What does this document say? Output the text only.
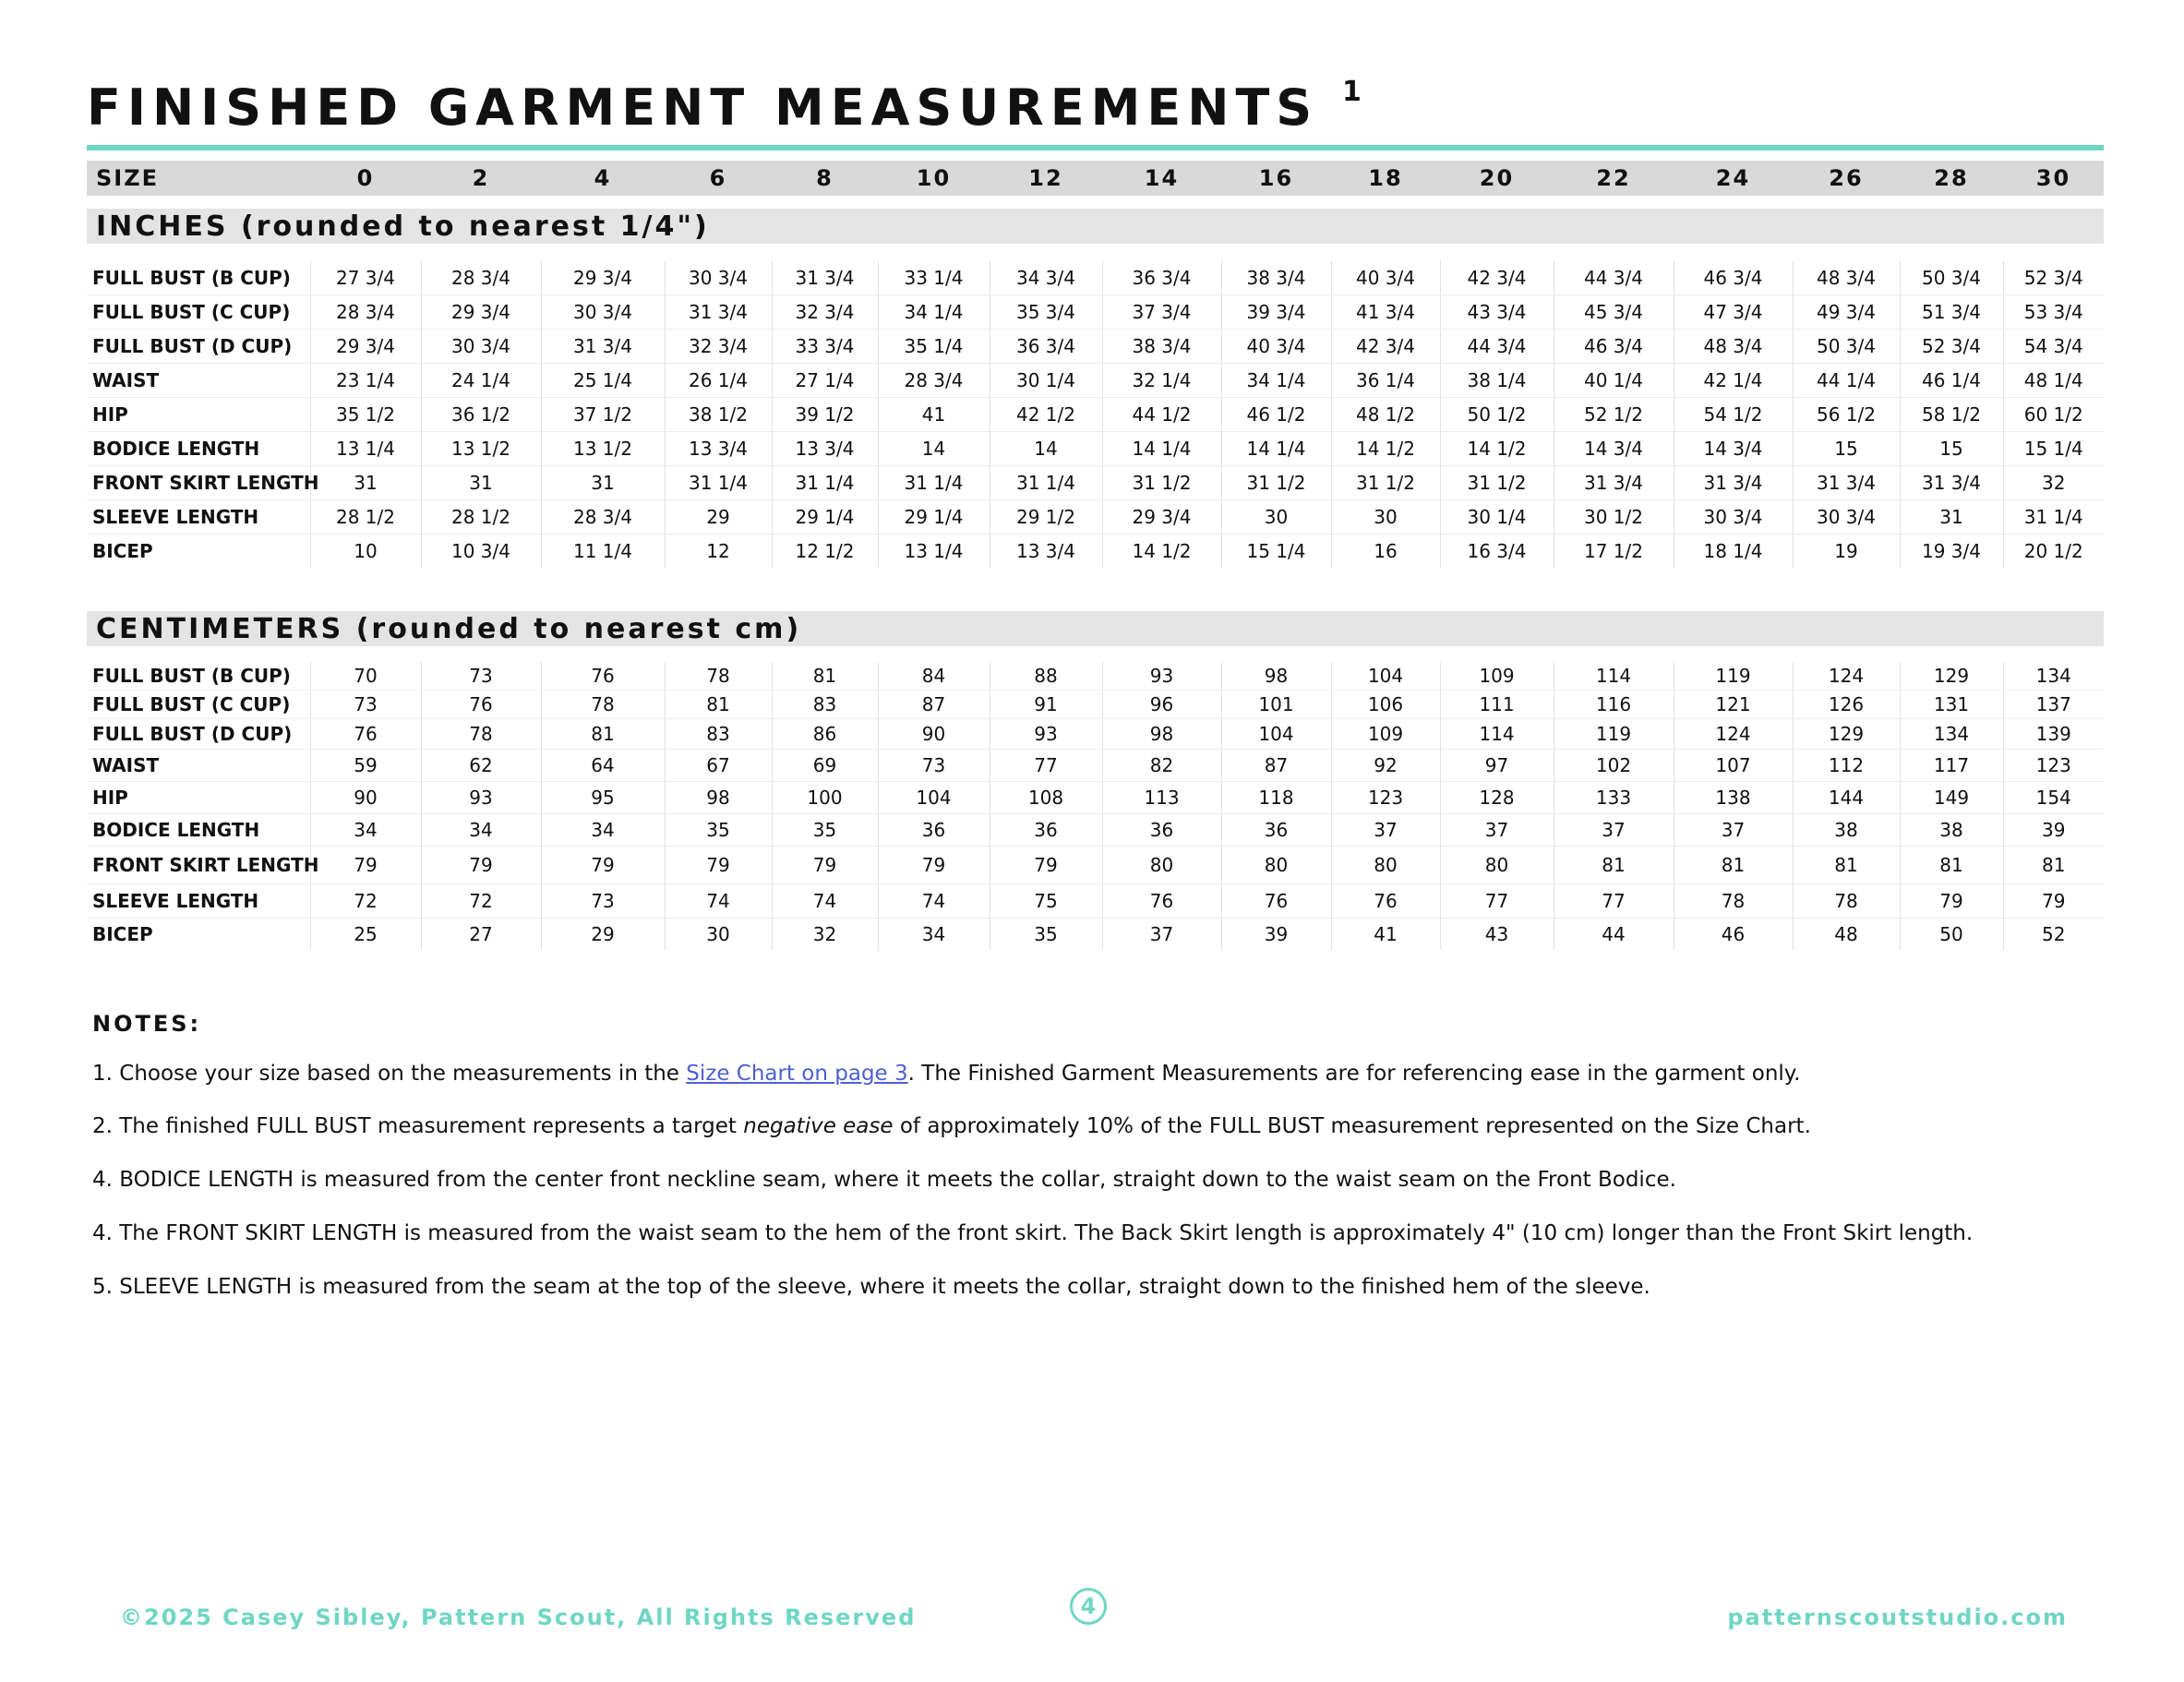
FINISHED GARMENT MEASUREMENTS $^1$
SIZE	0	2	4	6	8	10	12	14	16	18	20	22	24	26	28	30
INCHES (rounded to nearest 1/4")
FULL BUST (B CUP)	27 3/4	28 3/4	29 3/4	30 3/4	31 3/4	33 1/4	34 3/4	36 3/4	38 3/4	40 3/4	42 3/4	44 3/4	46 3/4	48 3/4	50 3/4	52 3/4
FULL BUST (C CUP)	28 3/4	29 3/4	30 3/4	31 3/4	32 3/4	34 1/4	35 3/4	37 3/4	39 3/4	41 3/4	43 3/4	45 3/4	47 3/4	49 3/4	51 3/4	53 3/4
FULL BUST (D CUP)	29 3/4	30 3/4	31 3/4	32 3/4	33 3/4	35 1/4	36 3/4	38 3/4	40 3/4	42 3/4	44 3/4	46 3/4	48 3/4	50 3/4	52 3/4	54 3/4
WAIST	23 1/4	24 1/4	25 1/4	26 1/4	27 1/4	28 3/4	30 1/4	32 1/4	34 1/4	36 1/4	38 1/4	40 1/4	42 1/4	44 1/4	46 1/4	48 1/4
HIP	35 1/2	36 1/2	37 1/2	38 1/2	39 1/2	41	42 1/2	44 1/2	46 1/2	48 1/2	50 1/2	52 1/2	54 1/2	56 1/2	58 1/2	60 1/2
BODICE LENGTH	13 1/4	13 1/2	13 1/2	13 3/4	13 3/4	14	14	14 1/4	14 1/4	14 1/2	14 1/2	14 3/4	14 3/4	15	15	15 1/4
FRONT SKIRT LENGTH	31	31	31	31 1/4	31 1/4	31 1/4	31 1/4	31 1/2	31 1/2	31 1/2	31 1/2	31 3/4	31 3/4	31 3/4	31 3/4	32
SLEEVE LENGTH	28 1/2	28 1/2	28 3/4	29	29 1/4	29 1/4	29 1/2	29 3/4	30	30	30 1/4	30 1/2	30 3/4	30 3/4	31	31 1/4
BICEP	10	10 3/4	11 1/4	12	12 1/2	13 1/4	13 3/4	14 1/2	15 1/4	16	16 3/4	17 1/2	18 1/4	19	19 3/4	20 1/2
CENTIMETERS (rounded to nearest cm)
FULL BUST (B CUP)	70	73	76	78	81	84	88	93	98	104	109	114	119	124	129	134
FULL BUST (C CUP)	73	76	78	81	83	87	91	96	101	106	111	116	121	126	131	137
FULL BUST (D CUP)	76	78	81	83	86	90	93	98	104	109	114	119	124	129	134	139
WAIST	59	62	64	67	69	73	77	82	87	92	97	102	107	112	117	123
HIP	90	93	95	98	100	104	108	113	118	123	128	133	138	144	149	154
BODICE LENGTH	34	34	34	35	35	36	36	36	36	37	37	37	37	38	38	39
FRONT SKIRT LENGTH	79	79	79	79	79	79	79	80	80	80	80	81	81	81	81	81
SLEEVE LENGTH	72	72	73	74	74	74	75	76	76	76	77	77	78	78	79	79
BICEP	25	27	29	30	32	34	35	37	39	41	43	44	46	48	50	52
NOTES:

1. Choose your size based on the measurements in the Size Chart on page 3. The Finished Garment Measurements are for referencing ease in the garment only.

2. The finished FULL BUST measurement represents a target negative ease of approximately 10% of the FULL BUST measurement represented on the Size Chart.

4. BODICE LENGTH is measured from the center front neckline seam, where it meets the collar, straight down to the waist seam on the Front Bodice.

4. The FRONT SKIRT LENGTH is measured from the waist seam to the hem of the front skirt. The Back Skirt length is approximately 4" (10 cm) longer than the Front Skirt length.

5. SLEEVE LENGTH is measured from the seam at the top of the sleeve, where it meets the collar, straight down to the finished hem of the sleeve.

©2025 Casey Sibley, Pattern Scout, All Rights Reserved	4	patternscoutstudio.com
